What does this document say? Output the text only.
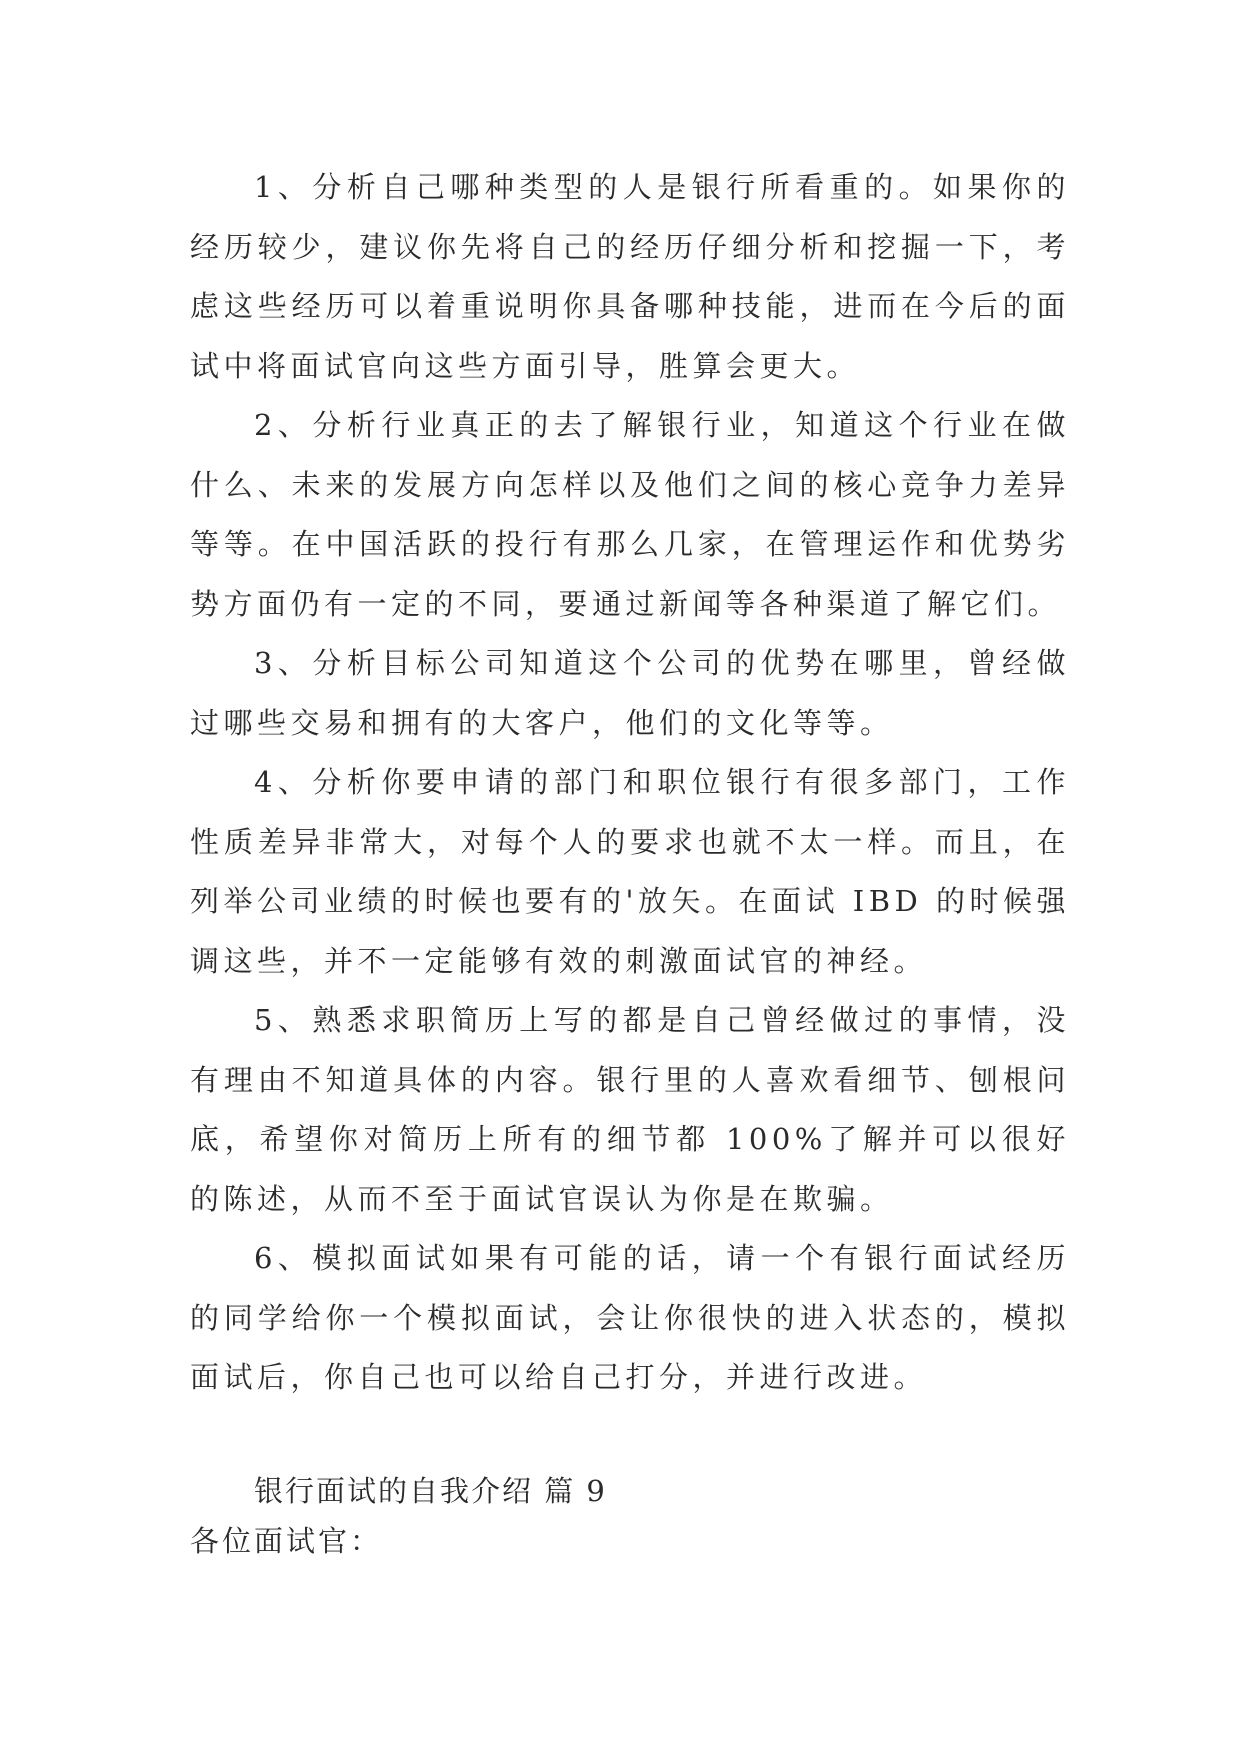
1、分析自己哪种类型的人是银行所看重的。如果你的经历较少，建议你先将自己的经历仔细分析和挖掘一下，考虑这些经历可以着重说明你具备哪种技能，进而在今后的面试中将面试官向这些方面引导，胜算会更大。

2、分析行业真正的去了解银行业，知道这个行业在做什么、未来的发展方向怎样以及他们之间的核心竞争力差异等等。在中国活跃的投行有那么几家，在管理运作和优势劣势方面仍有一定的不同，要通过新闻等各种渠道了解它们。

3、分析目标公司知道这个公司的优势在哪里，曾经做过哪些交易和拥有的大客户，他们的文化等等。

4、分析你要申请的部门和职位银行有很多部门，工作性质差异非常大，对每个人的要求也就不太一样。而且，在列举公司业绩的时候也要有的'放矢。在面试 IBD 的时候强调这些，并不一定能够有效的刺激面试官的神经。

5、熟悉求职简历上写的都是自己曾经做过的事情，没有理由不知道具体的内容。银行里的人喜欢看细节、刨根问底，希望你对简历上所有的细节都 100%了解并可以很好的陈述，从而不至于面试官误认为你是在欺骗。

6、模拟面试如果有可能的话，请一个有银行面试经历的同学给你一个模拟面试，会让你很快的进入状态的，模拟面试后，你自己也可以给自己打分，并进行改进。

银行面试的自我介绍 篇 9

各位面试官：
